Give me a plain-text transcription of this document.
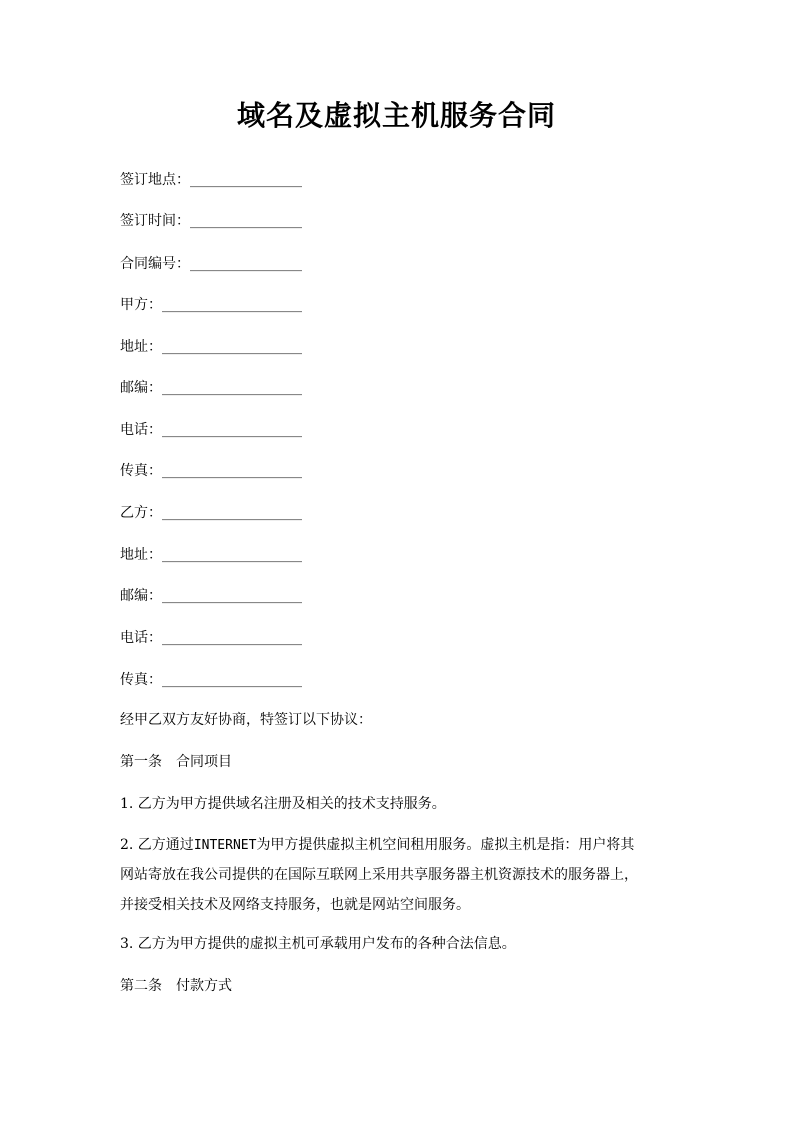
域名及虚拟主机服务合同
签订地点：________________
签订时间：________________
合同编号：________________
甲方：____________________
地址：____________________
邮编：____________________
电话：____________________
传真：____________________
乙方：____________________
地址：____________________
邮编：____________________
电话：____________________
传真：____________________

经甲乙双方友好协商，特签订以下协议：

第一条　合同项目

1. 乙方为甲方提供域名注册及相关的技术支持服务。

2. 乙方通过INTERNET为甲方提供虚拟主机空间租用服务。虚拟主机是指：用户将其
网站寄放在我公司提供的在国际互联网上采用共享服务器主机资源技术的服务器上，
并接受相关技术及网络支持服务，也就是网站空间服务。

3. 乙方为甲方提供的虚拟主机可承载用户发布的各种合法信息。

第二条　付款方式
